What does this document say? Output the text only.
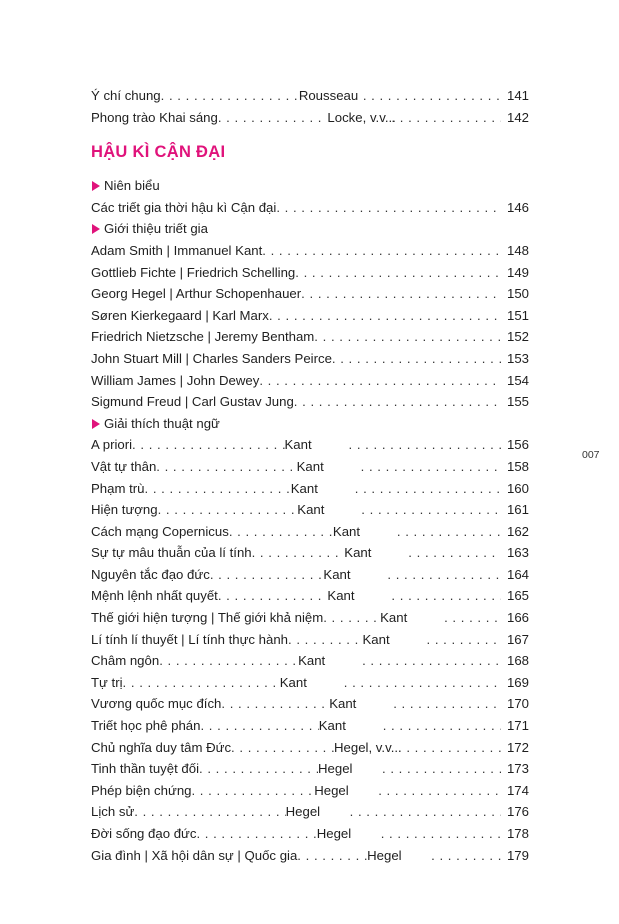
Ý chí chung . . .	Rousseau . . .	141
Phong trào Khai sáng . . .	Locke, v.v... . . .	142
HẬU KÌ CẬN ĐẠI
Niên biểu
Các triết gia thời hậu kì Cận đại . . .	146
Giới thiệu triết gia
Adam Smith | Immanuel Kant . . .	148
Gottlieb Fichte | Friedrich Schelling . . .	149
Georg Hegel | Arthur Schopenhauer . . .	150
Søren Kierkegaard | Karl Marx . . .	151
Friedrich Nietzsche | Jeremy Bentham . . .	152
John Stuart Mill | Charles Sanders Peirce . . .	153
William James | John Dewey . . .	154
Sigmund Freud | Carl Gustav Jung . . .	155
Giải thích thuật ngữ
A priori . . .	Kant . . .	156
Vật tự thân . . .	Kant . . .	158
Phạm trù . . .	Kant . . .	160
Hiện tượng . . .	Kant . . .	161
Cách mạng Copernicus . . .	Kant . . .	162
Sự tự mâu thuẫn của lí tính . . .	Kant . . .	163
Nguyên tắc đạo đức . . .	Kant . . .	164
Mệnh lệnh nhất quyết . . .	Kant . . .	165
Thế giới hiện tượng | Thế giới khả niệm . . .	Kant . . .	166
Lí tính lí thuyết | Lí tính thực hành . . .	Kant . . .	167
Châm ngôn . . .	Kant . . .	168
Tự trị . . .	Kant . . .	169
Vương quốc mục đích . . .	Kant . . .	170
Triết học phê phán . . .	Kant . . .	171
Chủ nghĩa duy tâm Đức . . .	Hegel, v.v... . . .	172
Tinh thần tuyệt đối . . .	Hegel . . .	173
Phép biện chứng . . .	Hegel . . .	174
Lịch sử . . .	Hegel . . .	176
Đời sống đạo đức . . .	Hegel . . .	178
Gia đình | Xã hội dân sự | Quốc gia . . .	Hegel . . .	179
007
